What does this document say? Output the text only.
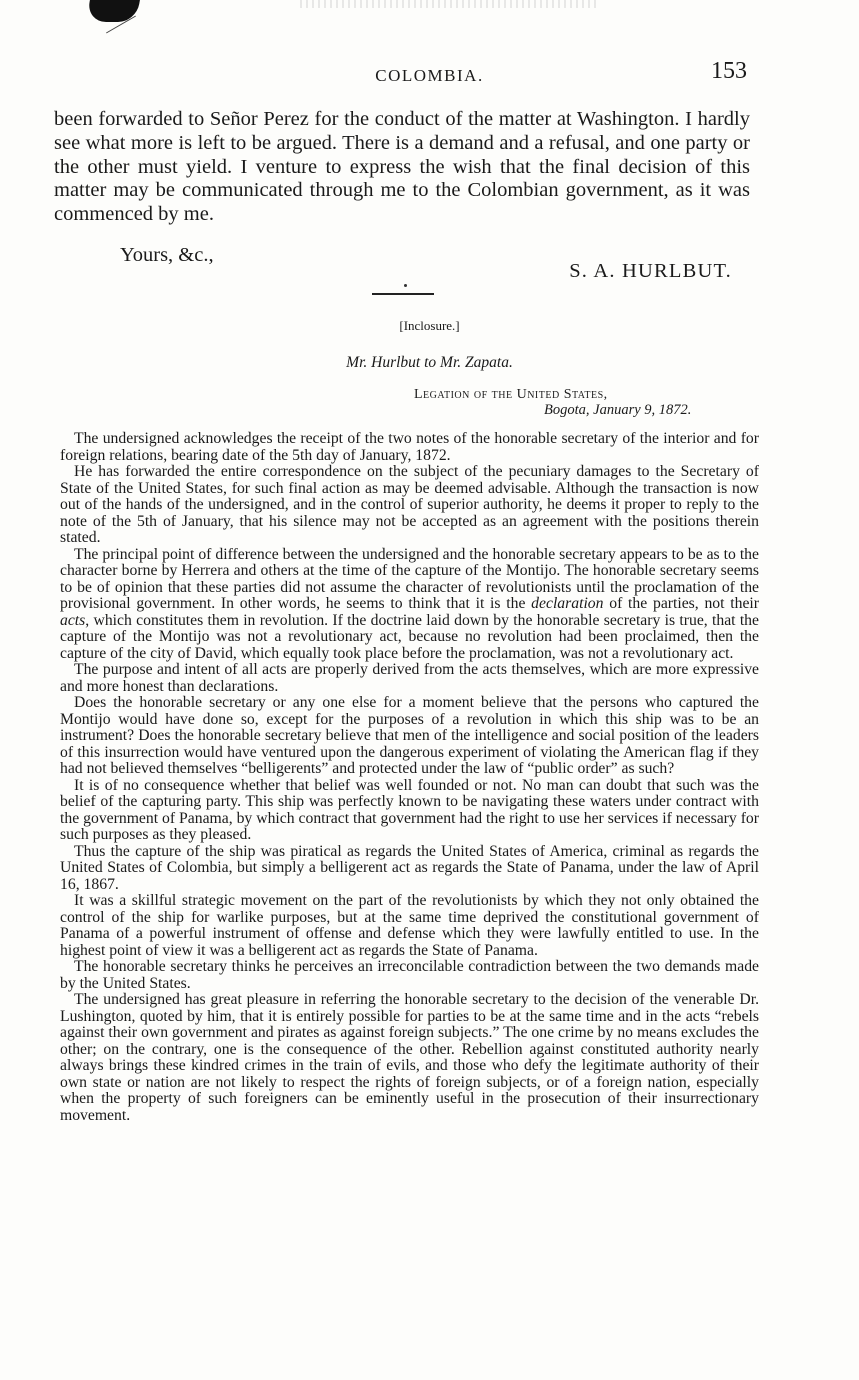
COLOMBIA.	153

been forwarded to Señor Perez for the conduct of the matter at Washington. I hardly see what more is left to be argued. There is a demand and a refusal, and one party or the other must yield. I venture to express the wish that the final decision of this matter may be communicated through me to the Colombian government, as it was commenced by me.

Yours, &c.,
S. A. HURLBUT.
[Inclosure.]
Mr. Hurlbut to Mr. Zapata.
Legation of the United States,
Bogota, January 9, 1872.

The undersigned acknowledges the receipt of the two notes of the honorable secretary of the interior and for foreign relations, bearing date of the 5th day of January, 1872.

He has forwarded the entire correspondence on the subject of the pecuniary damages to the Secretary of State of the United States, for such final action as may be deemed advisable. Although the transaction is now out of the hands of the undersigned, and in the control of superior authority, he deems it proper to reply to the note of the 5th of January, that his silence may not be accepted as an agreement with the positions therein stated.

The principal point of difference between the undersigned and the honorable secretary appears to be as to the character borne by Herrera and others at the time of the capture of the Montijo. The honorable secretary seems to be of opinion that these parties did not assume the character of revolutionists until the proclamation of the provisional government. In other words, he seems to think that it is the declaration of the parties, not their acts, which constitutes them in revolution. If the doctrine laid down by the honorable secretary is true, that the capture of the Montijo was not a revolutionary act, because no revolution had been proclaimed, then the capture of the city of David, which equally took place before the proclamation, was not a revolutionary act.

The purpose and intent of all acts are properly derived from the acts themselves, which are more expressive and more honest than declarations.

Does the honorable secretary or any one else for a moment believe that the persons who captured the Montijo would have done so, except for the purposes of a revolution in which this ship was to be an instrument? Does the honorable secretary believe that men of the intelligence and social position of the leaders of this insurrection would have ventured upon the dangerous experiment of violating the American flag if they had not believed themselves “belligerents” and protected under the law of “public order” as such?

It is of no consequence whether that belief was well founded or not. No man can doubt that such was the belief of the capturing party. This ship was perfectly known to be navigating these waters under contract with the government of Panama, by which contract that government had the right to use her services if necessary for such purposes as they pleased.

Thus the capture of the ship was piratical as regards the United States of America, criminal as regards the United States of Colombia, but simply a belligerent act as regards the State of Panama, under the law of April 16, 1867.

It was a skillful strategic movement on the part of the revolutionists by which they not only obtained the control of the ship for warlike purposes, but at the same time deprived the constitutional government of Panama of a powerful instrument of offense and defense which they were lawfully entitled to use. In the highest point of view it was a belligerent act as regards the State of Panama.

The honorable secretary thinks he perceives an irreconcilable contradiction between the two demands made by the United States.

The undersigned has great pleasure in referring the honorable secretary to the decision of the venerable Dr. Lushington, quoted by him, that it is entirely possible for parties to be at the same time and in the acts “rebels against their own government and pirates as against foreign subjects.” The one crime by no means excludes the other; on the contrary, one is the consequence of the other. Rebellion against constituted authority nearly always brings these kindred crimes in the train of evils, and those who defy the legitimate authority of their own state or nation are not likely to respect the rights of foreign subjects, or of a foreign nation, especially when the property of such foreigners can be eminently useful in the prosecution of their insurrectionary movement.
